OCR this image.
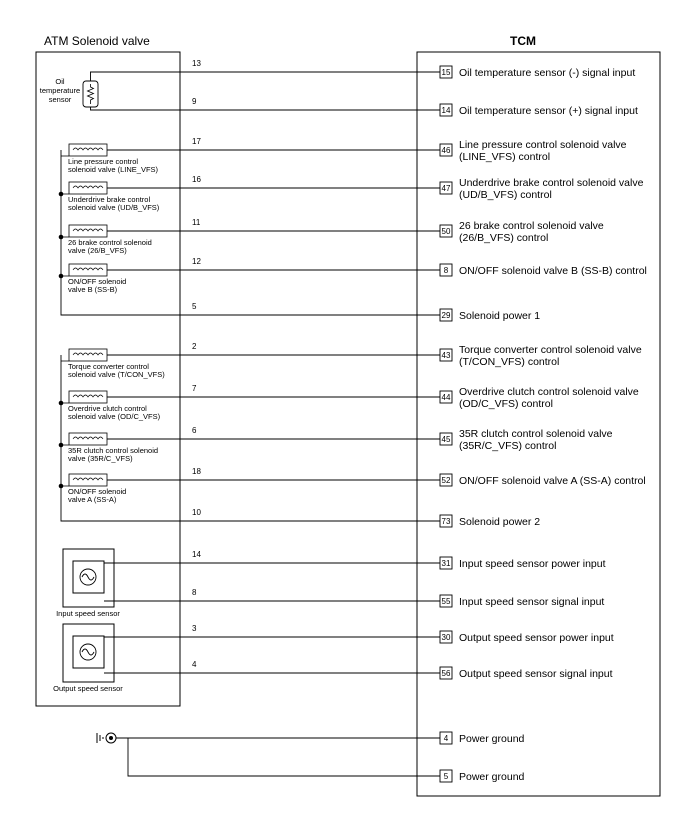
ATM Solenoid valve	TCM
Oil
temperature
sensor
Line pressure control
solenoid valve (LINE_VFS)
Underdrive brake control
solenoid valve (UD/B_VFS)
26 brake control solenoid
valve (26/B_VFS)
ON/OFF solenoid
valve B (SS-B)
Torque converter control
solenoid valve (T/CON_VFS)
Overdrive clutch control
solenoid valve (OD/C_VFS)
35R clutch control solenoid
valve (35R/C_VFS)
ON/OFF solenoid
valve A (SS-A)
13
15 Oil temperature sensor (-) signal input
9
14 Oil temperature sensor (+) signal input
17
46 Line pressure control solenoid valve
(LINE_VFS) control
16
47 Underdrive brake control solenoid valve
(UD/B_VFS) control
11
50 26 brake control solenoid valve
(26/B_VFS) control
12
8 ON/OFF solenoid valve B (SS-B) control
5
29 Solenoid power 1
2
43 Torque converter control solenoid valve
(T/CON_VFS) control
7
44 Overdrive clutch control solenoid valve
(OD/C_VFS) control
6
45 35R clutch control solenoid valve
(35R/C_VFS) control
18
52 ON/OFF solenoid valve A (SS-A) control
10
73 Solenoid power 2
14
31 Input speed sensor power input
8
55 Input speed sensor signal input
3
30 Output speed sensor power input
4
56 Output speed sensor signal input
4 Power ground
5 Power ground
Input speed sensor
Output speed sensor
